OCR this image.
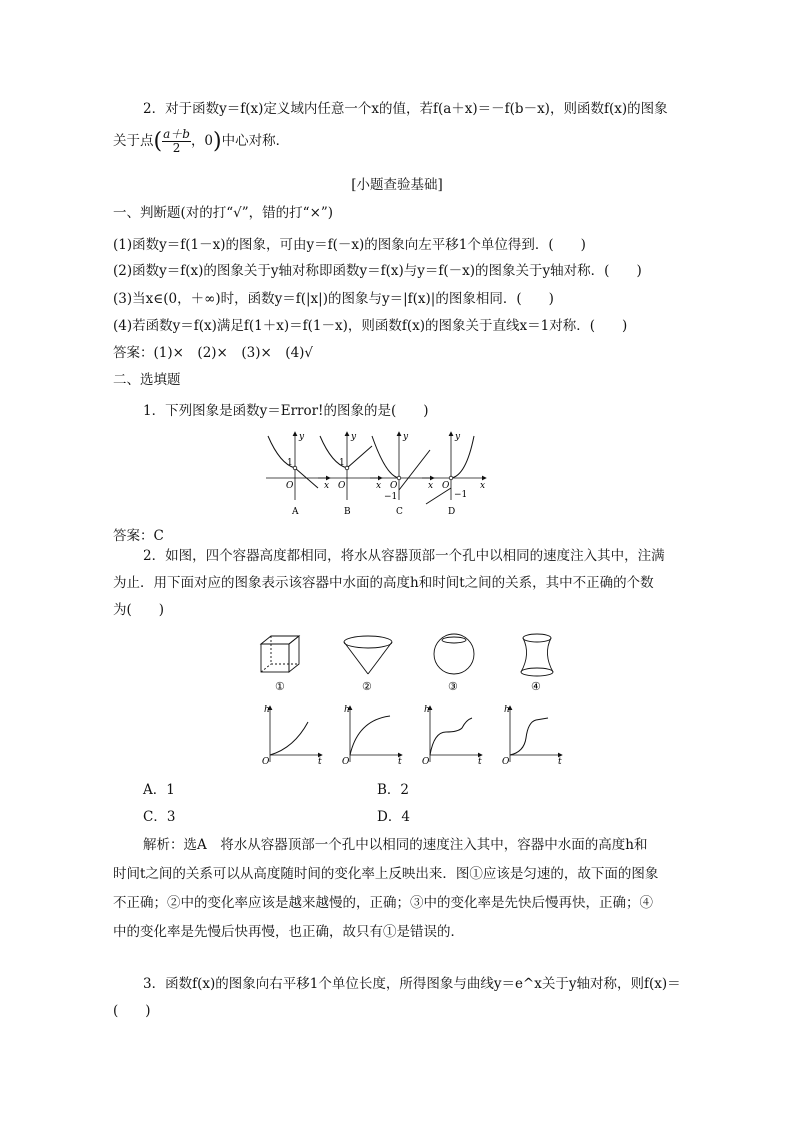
2．对于函数y＝f(x)定义域内任意一个x的值，若f(a＋x)＝－f(b－x)，则函数f(x)的图象
关于点( $\frac{a+b}{2}$ ，0)中心对称．
[小题查验基础]
一、判断题(对的打“√”，错的打“×”)
(1)函数y＝f(1－x)的图象，可由y＝f(－x)的图象向左平移1个单位得到．(　　)
(2)函数y＝f(x)的图象关于y轴对称即函数y＝f(x)与y＝f(－x)的图象关于y轴对称．(　　)
(3)当x∈(0，＋∞)时，函数y＝f(|x|)的图象与y＝|f(x)|的图象相同．(　　)
(4)若函数y＝f(x)满足f(1＋x)＝f(1－x)，则函数f(x)的图象关于直线x＝1对称．(　　)
答案：(1)×　(2)×　(3)×　(4)√
二、选填题
1．下列图象是函数y＝Error!的图象的是(　　)
y
x
O
1
A
y
x
O
1
B
y
x
O
−1
C
y
x
O
−1
D
答案：C
2．如图，四个容器高度都相同，将水从容器顶部一个孔中以相同的速度注入其中，注满
为止．用下面对应的图象表示该容器中水面的高度h和时间t之间的关系，其中不正确的个数
为(　　)
①	②	③	④
h
t
O
h
t
O
h
t
O
h
t
O
A．1	B．2
C．3	D．4
解析：选A　将水从容器顶部一个孔中以相同的速度注入其中，容器中水面的高度h和
时间t之间的关系可以从高度随时间的变化率上反映出来．图①应该是匀速的，故下面的图象
不正确；②中的变化率应该是越来越慢的，正确；③中的变化率是先快后慢再快，正确；④
中的变化率是先慢后快再慢，也正确，故只有①是错误的．
3．函数f(x)的图象向右平移1个单位长度，所得图象与曲线y＝e^x关于y轴对称，则f(x)＝
(　　)
